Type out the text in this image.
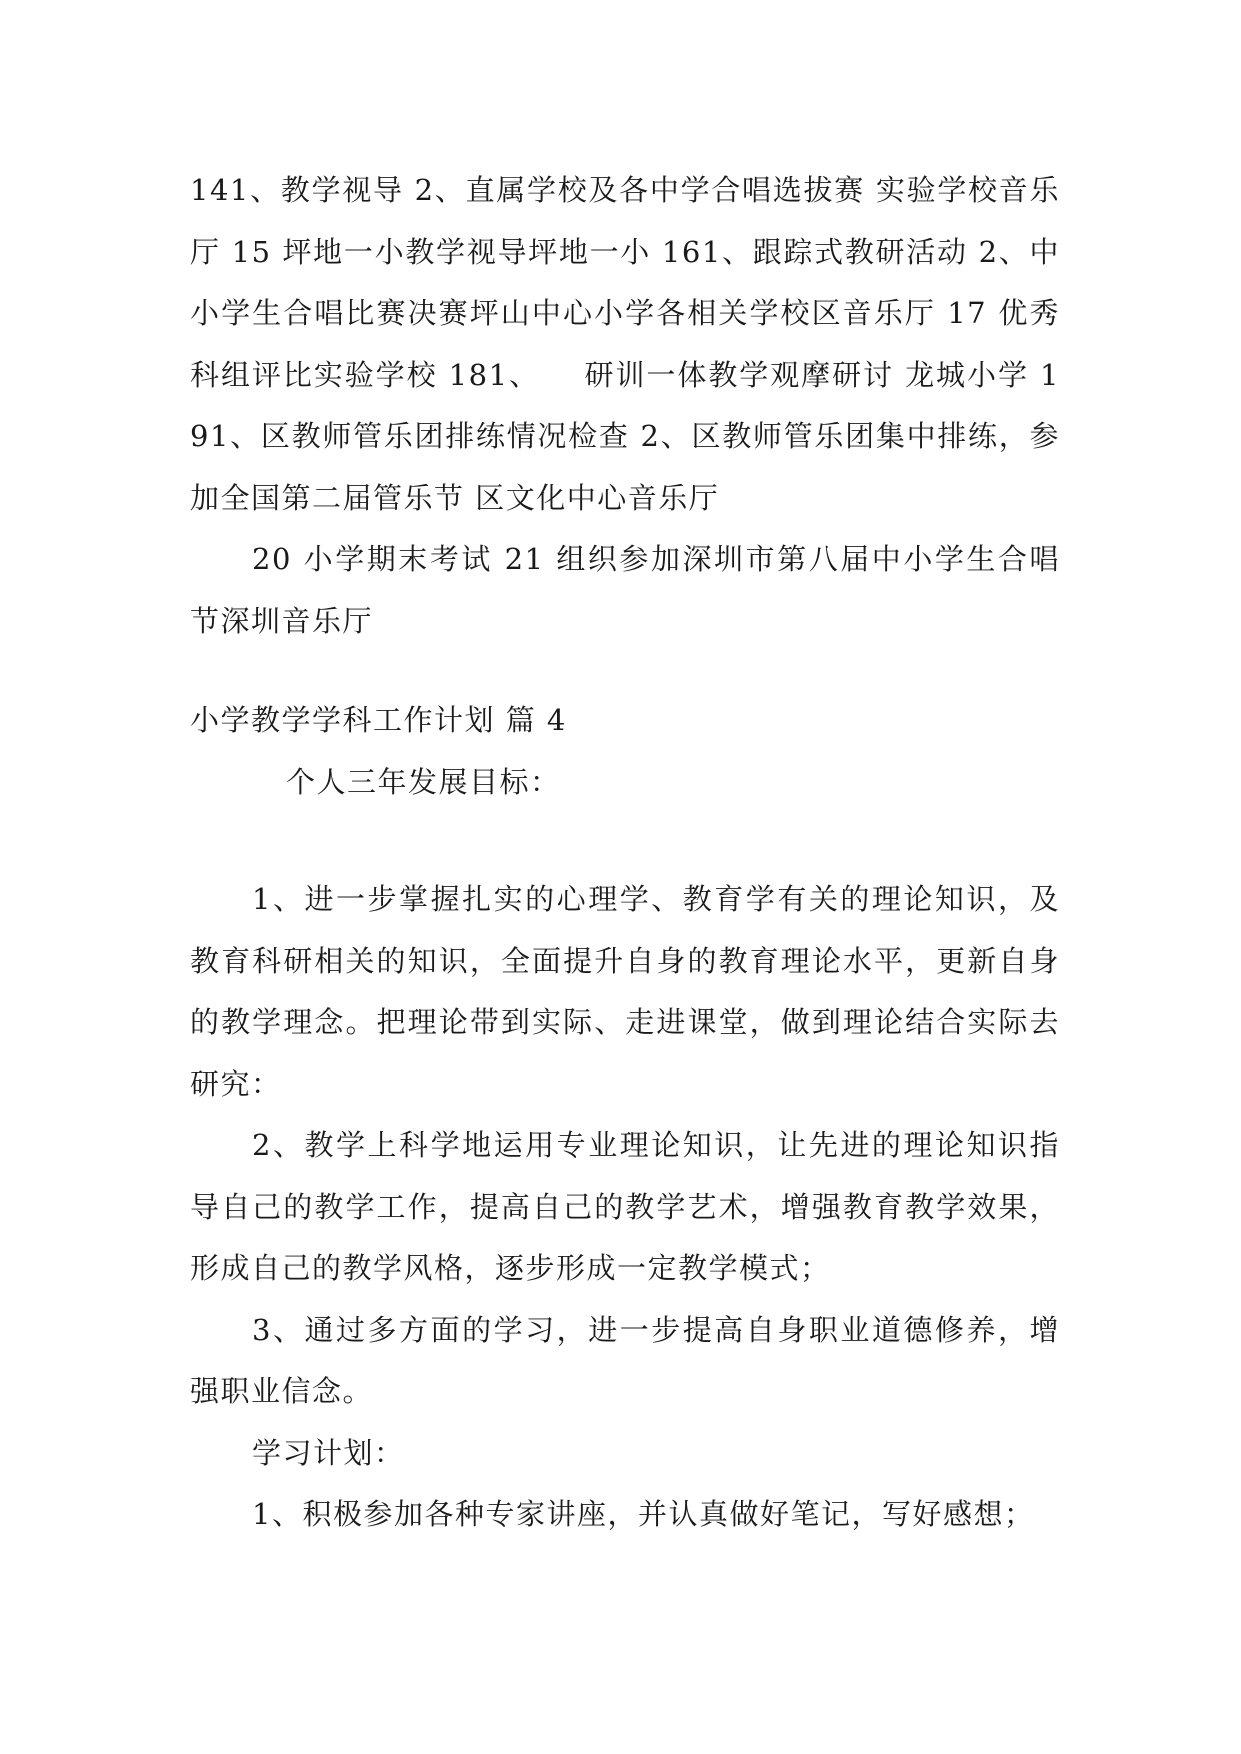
141、教学视导 2、直属学校及各中学合唱选拔赛 实验学校音乐厅 15 坪地一小教学视导坪地一小 161、跟踪式教研活动 2、中小学生合唱比赛决赛坪山中心小学各相关学校区音乐厅 17 优秀科组评比实验学校 181、    研训一体教学观摩研讨 龙城小学 191、区教师管乐团排练情况检查 2、区教师管乐团集中排练，参加全国第二届管乐节 区文化中心音乐厅

20 小学期末考试 21 组织参加深圳市第八届中小学生合唱节深圳音乐厅

小学教学学科工作计划 篇 4

个人三年发展目标：

1、进一步掌握扎实的心理学、教育学有关的理论知识，及教育科研相关的知识，全面提升自身的教育理论水平，更新自身的教学理念。把理论带到实际、走进课堂，做到理论结合实际去研究：

2、教学上科学地运用专业理论知识，让先进的理论知识指导自己的教学工作，提高自己的教学艺术，增强教育教学效果，形成自己的教学风格，逐步形成一定教学模式；

3、通过多方面的学习，进一步提高自身职业道德修养，增强职业信念。

学习计划：

1、积极参加各种专家讲座，并认真做好笔记，写好感想；
